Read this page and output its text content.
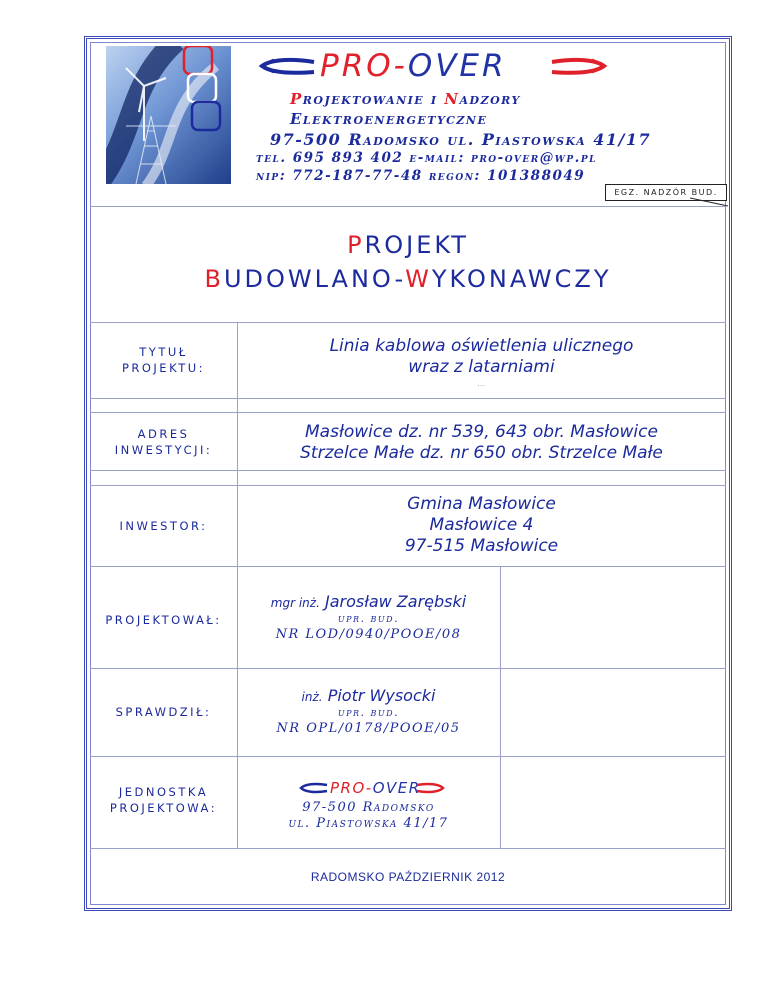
PRO-OVER
Projektowanie i Nadzory
Elektroenergetyczne
97-500 Radomsko ul. Piastowska 41/17
tel. 695 893 402 e-mail: pro-over@wp.pl
nip: 772-187-77-48 regon: 101388049
EGZ. NADZÓR BUD.
PROJEKT
BUDOWLANO-WYKONAWCZY
TYTUŁ
PROJEKTU:
Linia kablowa oświetlenia ulicznego
wraz z latarniami
...
ADRES
INWESTYCJI:
Masłowice dz. nr 539, 643 obr. Masłowice
Strzelce Małe dz. nr 650 obr. Strzelce Małe
INWESTOR:
Gmina Masłowice
Masłowice 4
97-515 Masłowice
PROJEKTOWAŁ:
mgr inż. Jarosław Zarębski
upr. bud.
NR LOD/0940/POOE/08
SPRAWDZIŁ:
inż. Piotr Wysocki
upr. bud.
NR OPL/0178/POOE/05
JEDNOSTKA
PROJEKTOWA:
PRO-OVER
97-500 Radomsko
ul. Piastowska 41/17
RADOMSKO PAŹDZIERNIK 2012
